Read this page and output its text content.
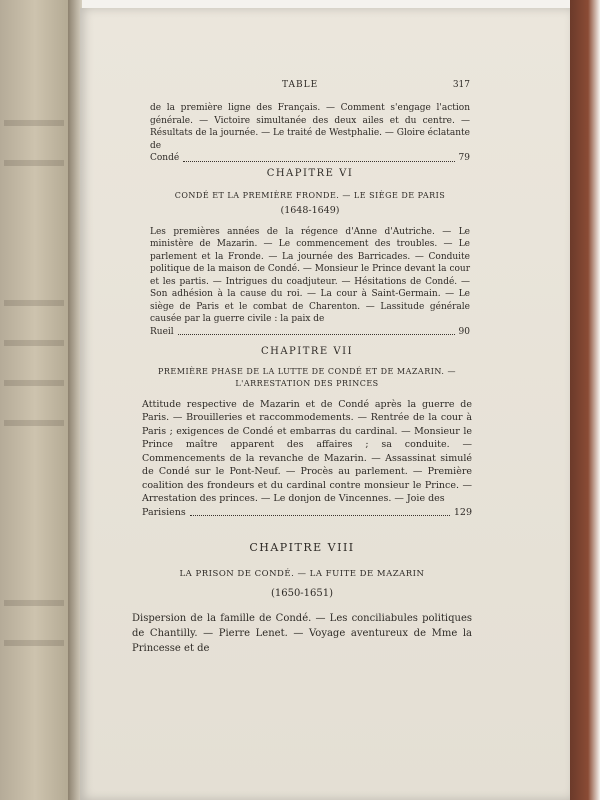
TABLE	317
de la première ligne des Français. — Comment s'engage l'action générale. — Victoire simultanée des deux ailes et du centre. — Résultats de la journée. — Le traité de Westphalie. — Gloire éclatante de
Condé	79
CHAPITRE VI
CONDÉ ET LA PREMIÈRE FRONDE. — LE SIÈGE DE PARIS
(1648-1649)
Les premières années de la régence d'Anne d'Autriche. — Le ministère de Mazarin. — Le commencement des troubles. — Le parlement et la Fronde. — La journée des Barricades. — Conduite politique de la maison de Condé. — Monsieur le Prince devant la cour et les partis. — Intrigues du coadjuteur. — Hésitations de Condé. — Son adhésion à la cause du roi. — La cour à Saint-Germain. — Le siège de Paris et le combat de Charenton. — Lassitude générale causée par la guerre civile : la paix de
Rueil	90
CHAPITRE VII
PREMIÈRE PHASE DE LA LUTTE DE CONDÉ ET DE MAZARIN. — L'ARRESTATION DES PRINCES
Attitude respective de Mazarin et de Condé après la guerre de Paris. — Brouilleries et raccommodements. — Rentrée de la cour à Paris ; exigences de Condé et embarras du cardinal. — Monsieur le Prince maître apparent des affaires ; sa conduite. — Commencements de la revanche de Mazarin. — Assassinat simulé de Condé sur le Pont-Neuf. — Procès au parlement. — Première coalition des frondeurs et du cardinal contre monsieur le Prince. — Arrestation des princes. — Le donjon de Vincennes. — Joie des
Parisiens	129
CHAPITRE VIII
LA PRISON DE CONDÉ. — LA FUITE DE MAZARIN
(1650-1651)
Dispersion de la famille de Condé. — Les conciliabules politiques de Chantilly. — Pierre Lenet. — Voyage aventureux de Mme la Princesse et de
